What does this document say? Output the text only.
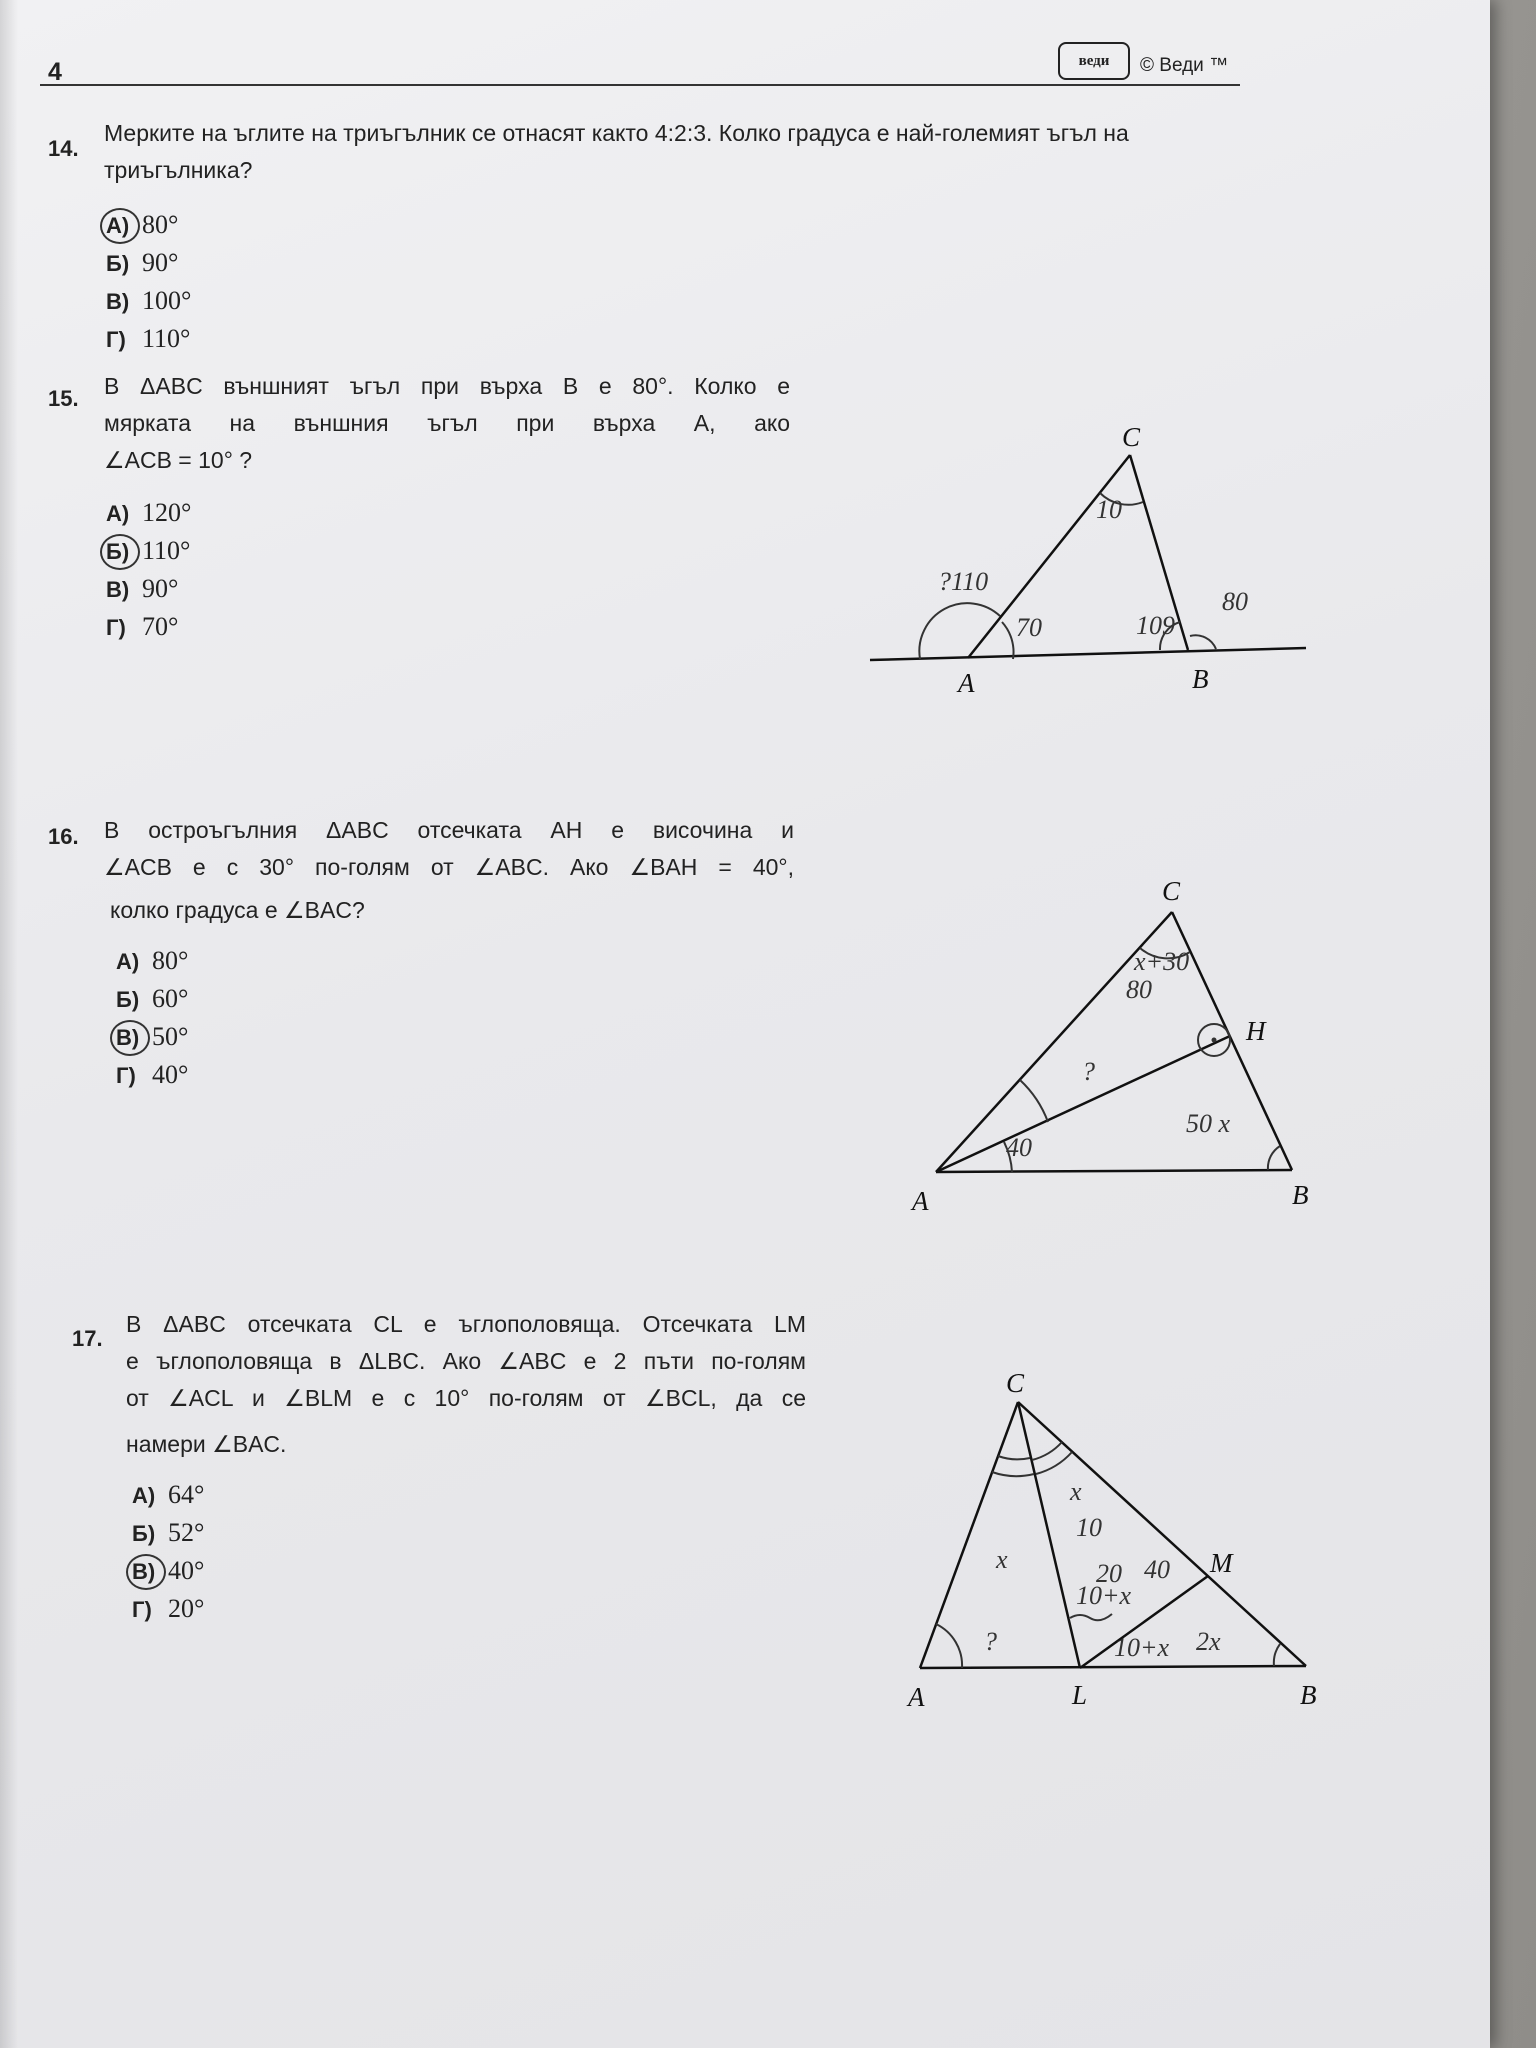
4	веди	© Веди ™
14.
Мерките на ъглите на триъгълник се отнасят както 4:2:3. Колко градуса е най-големият ъгъл на
триъгълника?
А) 80°
Б) 90°
В) 100°
Г) 110°
15. В ΔABC външният ъгъл при върха B е 80°. Колко е
мярката на външния ъгъл при върха A, ако
∠ACB = 10° ?
А) 120°
Б) 110°
В) 90°
Г) 70°
C
A	B
?110
10
70	109
80
16. В остроъгълния ΔABC отсечката AH е височина и
∠ACB е с 30° по-голям от ∠ABC. Ако ∠BAH = 40°,
колко градуса е ∠BAC?
А) 80°
Б) 60°
В) 50°
Г) 40°
C
A	B
H
x+30
80
?
40
50 x
17.
В ΔABC отсечката CL е ъглополовяща. Отсечката LM
е ъглополовяща в ΔLBC. Ако ∠ABC е 2 пъти по-голям
от ∠ACL и ∠BLM е с 10° по-голям от ∠BCL, да се
намери ∠BAC.
А) 64°
Б) 52°
В) 40°
Г) 20°
C
A	L	B
M
x
10
x
20
10+x
40
10+x 2x
?
